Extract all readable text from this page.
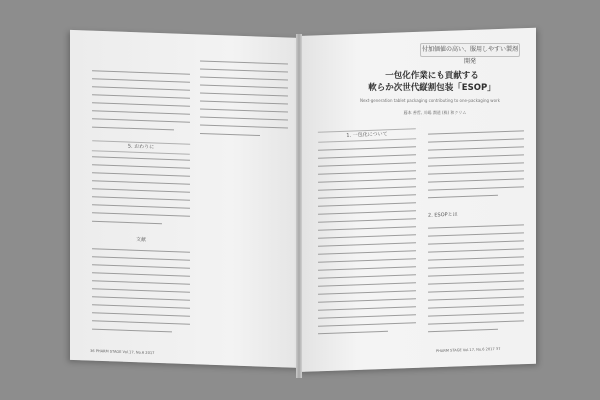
5. おわりに
文献
36 PHARM STAGE Vol.17, No.6 2017
付加価値の高い、服用しやすい製剤開発
一包化作業にも貢献する
軟らか次世代縦割包装「ESOP」
Next-generation tablet packaging contributing to one-packaging work
藤本 善哲, 川嶋 潤道 (株) 和クリム
1. 一包化について
2. ESOPとは
PHARM STAGE Vol.17, No.6 2017 37
